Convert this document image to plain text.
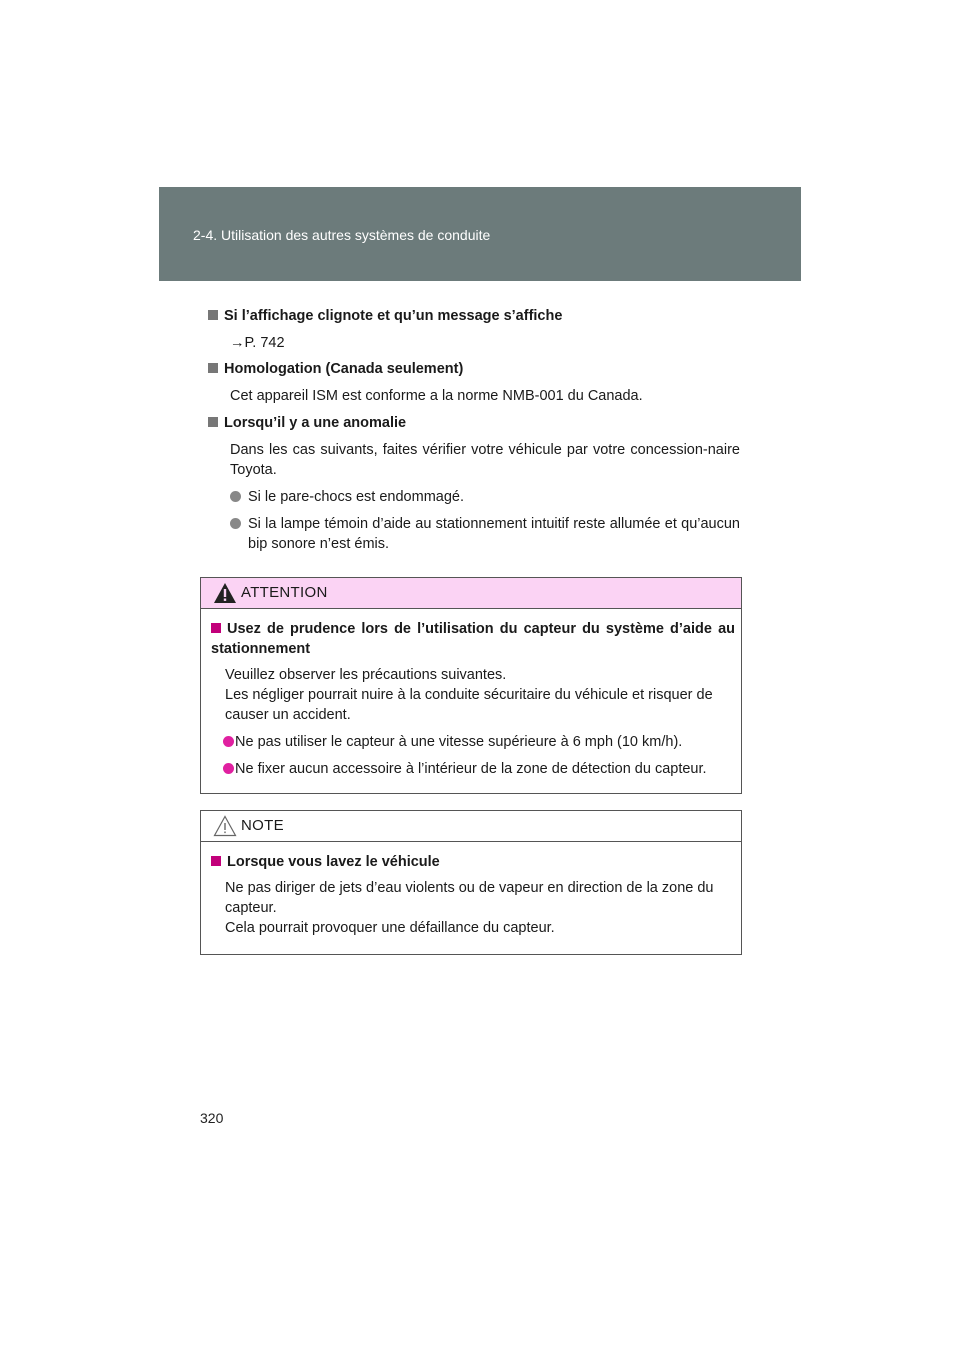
2-4. Utilisation des autres systèmes de conduite
Si l’affichage clignote et qu’un message s’affiche
→P. 742
Homologation (Canada seulement)
Cet appareil ISM est conforme a la norme NMB-001 du Canada.
Lorsqu’il y a une anomalie
Dans les cas suivants, faites vérifier votre véhicule par votre concession-naire Toyota.
Si le pare-chocs est endommagé.
Si la lampe témoin d’aide au stationnement intuitif reste allumée et qu’aucun bip sonore n’est émis.
ATTENTION
Usez de prudence lors de l’utilisation du capteur du système d’aide au stationnement
Veuillez observer les précautions suivantes.
Les négliger pourrait nuire à la conduite sécuritaire du véhicule et risquer de causer un accident.
Ne pas utiliser le capteur à une vitesse supérieure à 6 mph (10 km/h).
Ne fixer aucun accessoire à l’intérieur de la zone de détection du capteur.
NOTE
Lorsque vous lavez le véhicule
Ne pas diriger de jets d’eau violents ou de vapeur en direction de la zone du capteur.
Cela pourrait provoquer une défaillance du capteur.
320
